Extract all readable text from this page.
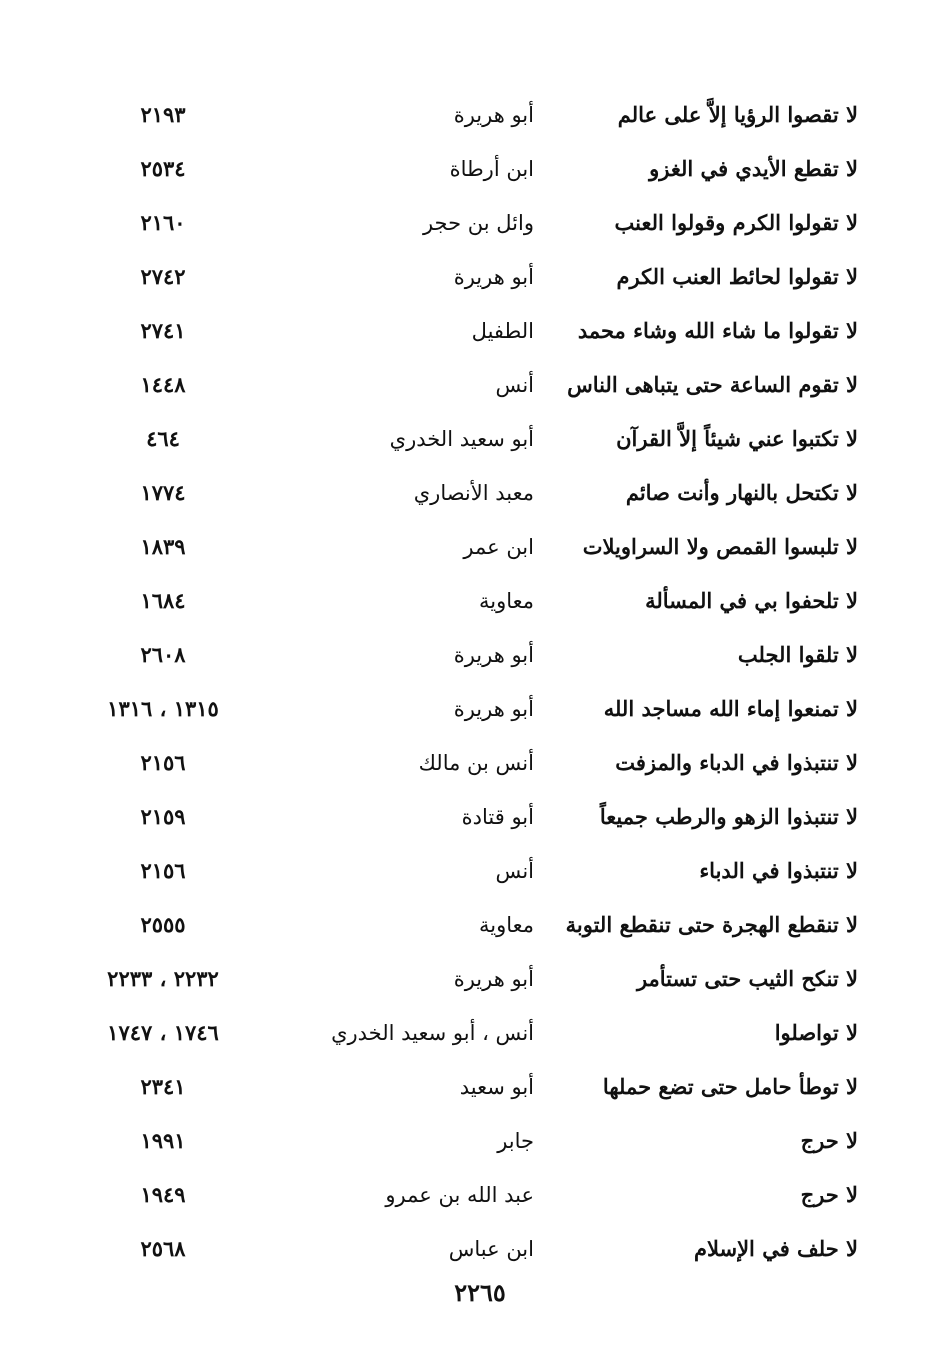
لا تقصوا الرؤيا إلاَّ على عالم
أبو هريرة
٢١٩٣
لا تقطع الأيدي في الغزو
ابن أرطاة
٢٥٣٤
لا تقولوا الكرم وقولوا العنب
وائل بن حجر
٢١٦٠
لا تقولوا لحائط العنب الكرم
أبو هريرة
٢٧٤٢
لا تقولوا ما شاء الله وشاء محمد
الطفيل
٢٧٤١
لا تقوم الساعة حتى يتباهى الناس
أنس
١٤٤٨
لا تكتبوا عني شيئاً إلاَّ القرآن
أبو سعيد الخدري
٤٦٤
لا تكتحل بالنهار وأنت صائم
معبد الأنصاري
١٧٧٤
لا تلبسوا القمص ولا السراويلات
ابن عمر
١٨٣٩
لا تلحفوا بي في المسألة
معاوية
١٦٨٤
لا تلقوا الجلب
أبو هريرة
٢٦٠٨
لا تمنعوا إماء الله مساجد الله
أبو هريرة
١٣١٥ ، ١٣١٦
لا تنتبذوا في الدباء والمزفت
أنس بن مالك
٢١٥٦
لا تنتبذوا الزهو والرطب جميعاً
أبو قتادة
٢١٥٩
لا تنتبذوا في الدباء
أنس
٢١٥٦
لا تنقطع الهجرة حتى تنقطع التوبة
معاوية
٢٥٥٥
لا تنكح الثيب حتى تستأمر
أبو هريرة
٢٢٣٢ ، ٢٢٣٣
لا تواصلوا
أنس ، أبو سعيد الخدري
١٧٤٦ ، ١٧٤٧
لا توطأ حامل حتى تضع حملها
أبو سعيد
٢٣٤١
لا حرج
جابر
١٩٩١
لا حرج
عبد الله بن عمرو
١٩٤٩
لا حلف في الإسلام
ابن عباس
٢٥٦٨
٢٢٦٥
